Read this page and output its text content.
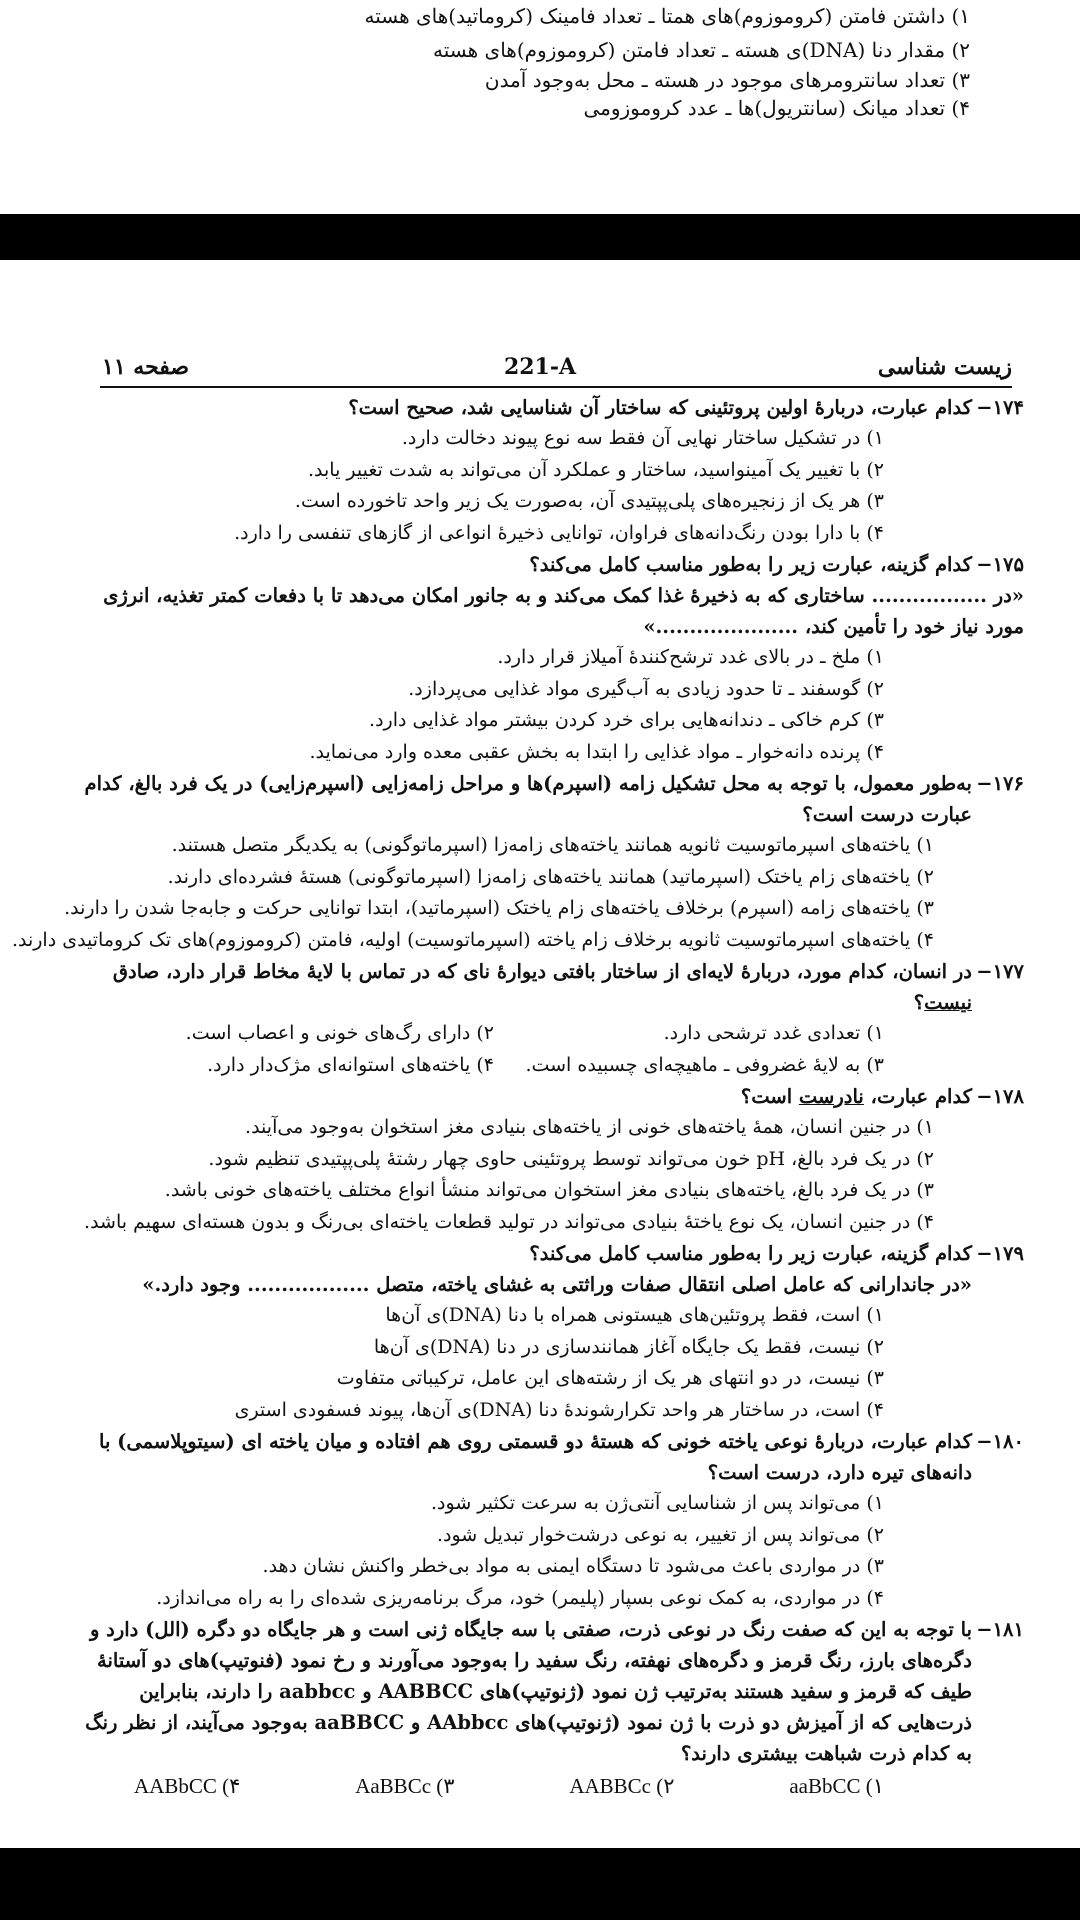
۱) داشتن فامتن (کروموزوم)‌های همتا ـ تعداد فامینک (کروماتید)‌های هسته
۲) مقدار دنا (DNA)ی هسته ـ تعداد فامتن (کروموزوم)‌های هسته
۳) تعداد سانترومرهای موجود در هسته ـ محل به‌وجود آمدن
۴) تعداد میانک (سانتریول)‌ها ـ عدد کروموزومی
221-A	زیست شناسی
صفحه ۱۱
۱۷۴−
کدام عبارت، دربارهٔ اولین پروتئینی که ساختار آن شناسایی شد، صحیح است؟
۱) در تشکیل ساختار نهایی آن فقط سه نوع پیوند دخالت دارد.
۲) با تغییر یک آمینواسید، ساختار و عملکرد آن می‌تواند به شدت تغییر یابد.
۳) هر یک از زنجیره‌های پلی‌پپتیدی آن، به‌صورت یک زیر واحد تاخورده است.
۴) با دارا بودن رنگ‌دانه‌های فراوان، توانایی ذخیرهٔ انواعی از گازهای تنفسی را دارد.
۱۷۵−
کدام گزینه، عبارت زیر را به‌طور مناسب کامل می‌کند؟
«در ................. ساختاری که به ذخیرهٔ غذا کمک می‌کند و به جانور امکان می‌دهد تا با دفعات کمتر تغذیه، انرژی
مورد نیاز خود را تأمین کند، .....................»
۱) ملخ ـ در بالای غدد ترشح‌کنندهٔ آمیلاز قرار دارد.
۲) گوسفند ـ تا حدود زیادی به آب‌گیری مواد غذایی می‌پردازد.
۳) کرم خاکی ـ دندانه‌هایی برای خرد کردن بیشتر مواد غذایی دارد.
۴) پرنده دانه‌خوار ـ مواد غذایی را ابتدا به بخش عقبی معده وارد می‌نماید.
۱۷۶−
به‌طور معمول، با توجه به محل تشکیل زامه (اسپرم)ها و مراحل زامه‌زایی (اسپرم‌زایی) در یک فرد بالغ، کدام عبارت درست است؟
۱) یاخته‌های اسپرماتوسیت ثانویه همانند یاخته‌های زامه‌زا (اسپرماتوگونی) به یکدیگر متصل هستند.
۲) یاخته‌های زام یاختک (اسپرماتید) همانند یاخته‌های زامه‌زا (اسپرماتوگونی) هستهٔ فشرده‌ای دارند.
۳) یاخته‌های زامه (اسپرم) برخلاف یاخته‌های زام یاختک (اسپرماتید)، ابتدا توانایی حرکت و جابه‌جا شدن را دارند.
۴) یاخته‌های اسپرماتوسیت ثانویه برخلاف زام یاخته (اسپرماتوسیت) اولیه، فامتن (کروموزوم)‌های تک کروماتیدی دارند.
۱۷۷−
در انسان، کدام مورد، دربارهٔ لایه‌ای از ساختار بافتی دیوارهٔ نای که در تماس با لایهٔ مخاط قرار دارد، صادق نیست؟
۱) تعدادی غدد ترشحی دارد.
۲) دارای رگ‌های خونی و اعصاب است.
۳) به لایهٔ غضروفی ـ ماهیچه‌ای چسبیده است.
۴) یاخته‌های استوانه‌ای مژک‌دار دارد.
۱۷۸−
کدام عبارت، نادرست است؟
۱) در جنین انسان، همهٔ یاخته‌های خونی از یاخته‌های بنیادی مغز استخوان به‌وجود می‌آیند.
۲) در یک فرد بالغ، pH خون می‌تواند توسط پروتئینی حاوی چهار رشتهٔ پلی‌پپتیدی تنظیم شود.
۳) در یک فرد بالغ، یاخته‌های بنیادی مغز استخوان می‌تواند منشأ انواع مختلف یاخته‌های خونی باشد.
۴) در جنین انسان، یک نوع یاختهٔ بنیادی می‌تواند در تولید قطعات یاخته‌ای بی‌رنگ و بدون هسته‌ای سهیم باشد.
۱۷۹−
کدام گزینه، عبارت زیر را به‌طور مناسب کامل می‌کند؟
«در جاندارانی که عامل اصلی انتقال صفات وراثتی به غشای یاخته، متصل .................. وجود دارد.»
۱) است، فقط پروتئین‌های هیستونی همراه با دنا (DNA)ی آن‌ها
۲) نیست، فقط یک جایگاه آغاز همانندسازی در دنا (DNA)ی آن‌ها
۳) نیست، در دو انتهای هر یک از رشته‌های این عامل، ترکیباتی متفاوت
۴) است، در ساختار هر واحد تکرارشوندهٔ دنا (DNA)ی آن‌ها، پیوند فسفودی استری
۱۸۰−
کدام عبارت، دربارهٔ نوعی یاخته خونی که هستهٔ دو قسمتی روی هم افتاده و میان یاخته ای (سیتوپلاسمی) با دانه‌های تیره دارد، درست است؟
۱) می‌تواند پس از شناسایی آنتی‌ژن به سرعت تکثیر شود.
۲) می‌تواند پس از تغییر، به نوعی درشت‌خوار تبدیل شود.
۳) در مواردی باعث می‌شود تا دستگاه ایمنی به مواد بی‌خطر واکنش نشان دهد.
۴) در مواردی، به کمک نوعی بسپار (پلیمر) خود، مرگ برنامه‌ریزی شده‌ای را به راه می‌اندازد.
۱۸۱−
با توجه به این که صفت رنگ در نوعی ذرت، صفتی با سه جایگاه ژنی است و هر جایگاه دو دگره (الل) دارد و دگره‌های بارز، رنگ قرمز و دگره‌های نهفته، رنگ سفید را به‌وجود می‌آورند و رخ نمود (فنوتیپ)های دو آستانهٔ طیف که قرمز و سفید هستند به‌ترتیب ژن نمود (ژنوتیپ)های AABBCC و aabbcc را دارند، بنابراین ذرت‌هایی که از آمیزش دو ذرت با ژن نمود (ژنوتیپ)های AAbbcc و aaBBCC به‌وجود می‌آیند، از نظر رنگ به کدام ذرت شباهت بیشتری دارند؟
aaBbCC (۱
AABBCc (۲
AaBBCc (۳
AABbCC (۴
